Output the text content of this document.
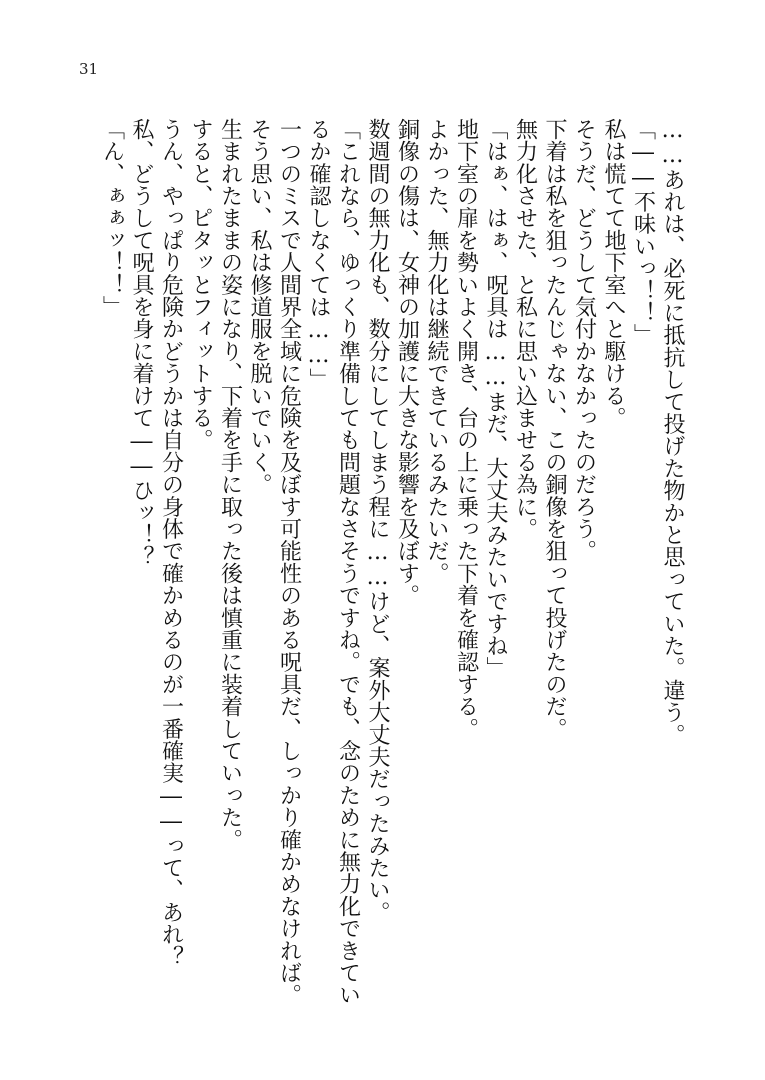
31
……あれは、必死に抵抗して投げた物かと思っていた。違う。
「――不味いっ！！」
私は慌てて地下室へと駆ける。
そうだ、どうして気付かなかったのだろう。
下着は私を狙ったんじゃない、この銅像を狙って投げたのだ。
無力化させた、と私に思い込ませる為に。
「はぁ、はぁ、呪具は……まだ、大丈夫みたいですね」
地下室の扉を勢いよく開き、台の上に乗った下着を確認する。
よかった、無力化は継続できているみたいだ。
銅像の傷は、女神の加護に大きな影響を及ぼす。
数週間の無力化も、数分にしてしまう程に……けど、案外大丈夫だったみたい。
「これなら、ゆっくり準備しても問題なさそうですね。でも、念のために無力化できてい
るか確認しなくては……」
一つのミスで人間界全域に危険を及ぼす可能性のある呪具だ、しっかり確かめなければ。
そう思い、私は修道服を脱いでいく。
生まれたままの姿になり、下着を手に取った後は慎重に装着していった。
すると、ピタッとフィットする。
うん、やっぱり危険かどうかは自分の身体で確かめるのが一番確実――って、あれ？
私、どうして呪具を身に着けて――ひッ！？
「ん、ぁぁッ！！」
